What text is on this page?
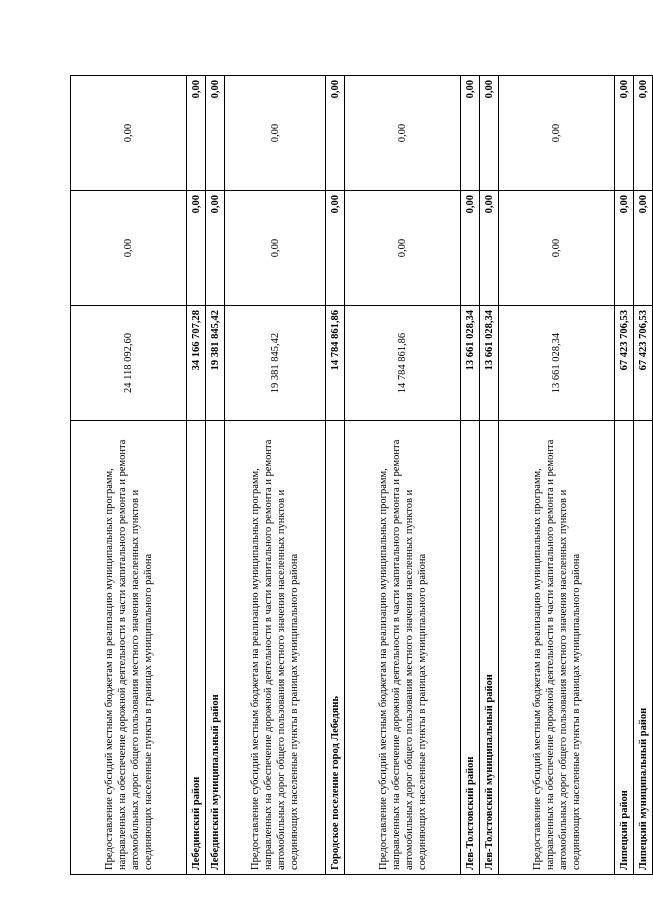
Предоставление субсидий местным бюджетам на реализацию муниципальных программ, направленных на обеспечение дорожной деятельности в части капитального ремонта и ремонта автомобильных дорог общего пользования местного значения населенных пунктов и соединяющих населенные пункты в границах муниципального района	24 118 092,60	0,00	0,00
Лебединский район	34 166 707,28	0,00	0,00
Лебединский муниципальный район	19 381 845,42	0,00	0,00
Предоставление субсидий местным бюджетам на реализацию муниципальных программ, направленных на обеспечение дорожной деятельности в части капитального ремонта и ремонта автомобильных дорог общего пользования местного значения населенных пунктов и соединяющих населенные пункты в границах муниципального района	19 381 845,42	0,00	0,00
Городское поселение город Лебедянь	14 784 861,86	0,00	0,00
Предоставление субсидий местным бюджетам на реализацию муниципальных программ, направленных на обеспечение дорожной деятельности в части капитального ремонта и ремонта автомобильных дорог общего пользования местного значения населенных пунктов и соединяющих населенные пункты в границах муниципального района	14 784 861,86	0,00	0,00
Лев-Толстовский район	13 661 028,34	0,00	0,00
Лев-Толстовский муниципальный район	13 661 028,34	0,00	0,00
Предоставление субсидий местным бюджетам на реализацию муниципальных программ, направленных на обеспечение дорожной деятельности в части капитального ремонта и ремонта автомобильных дорог общего пользования местного значения населенных пунктов и соединяющих населенные пункты в границах муниципального района	13 661 028,34	0,00	0,00
Липецкий район	67 423 706,53	0,00	0,00
Липецкий муниципальный район	67 423 706,53	0,00	0,00
